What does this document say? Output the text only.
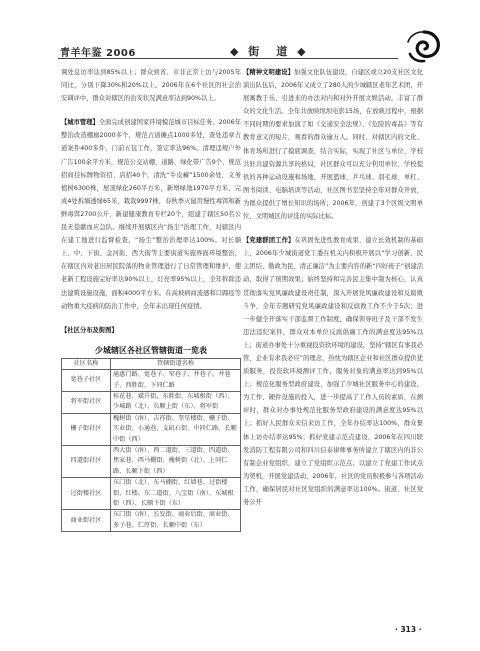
青羊年鉴 2006	◆ 街　道 ◆

调处息访率达到85%以上；群众到省、市非正常上访与2005年同比，分别下降30%和20%以上。2006年在6个社区的社会治安调评中，群众对辖区的治安状况满意率达到90%以上。

【城市管理】全面完成创建国家环境模范城市目标任务。2006年整治改造棚廊2000多个，规范占道摊点1000多处，查处违章占道案件400多件，门前五包工作，签定率达96%。清理违规户外广告100余平方米，规范公交站棚、道路、绿化带广告9个，规范招商挂标牌物资招、店招40个，清洗“牛皮癣”1500余处，义务植树6300株，屋顶绿化260平方米，新增绿地1970平方米，完成4处拆墙透绿65米，栽裁9997株，春秋季灭鼠用慢性毒饵和新鲜毒饵2700公斤，新建健康教育专栏20个，组建了辖区50名公民无偿献血应急队。继续开展辖区内“扬尘”治理工作，对辖区内在建工地进行监督检查，“扬尘”整治治理率达100%。对长顺上、中、下街、金河街、西大街等主要街道实施界面环境整治，在辖区内对老旧居民院落的物业管理进行了日常管理和维护，使老新工程设施完好率达90%以上，灯亮率95%以上，全年拆除违法建筑设施设施，面积4000平方米。在高坡病商流感和口蹄疫等动物重大疫病的防治工作中，全年未出现任何疫情。

【社区分布及街图】
少城辖区各社区管辖街道一览表
社区名称	管辖街道名称
宽巷子社区	通惠门路、宽巷子、窄巷子、井巷子、井巷子、西胜街、下同仁路
将军街社区	桂花巷、斌升街、东胜街、东城根街（西）、少城路（北）、长顺上街（东）、将军街
栅子街社区	槐树街（南）、吉祥街、奎星楼街、栅子街、实业街、小通巷、支矶石街、中同仁路、长顺中街（西）
四道街社区	西大街（南）、西二道街、三道街、四道街、焦家巷、西马棚街、槐树街（北）、上同仁路、长顺下街（西）
过街楼社区	东门街（北）、东马棚街、红墙巷、过街楼街、红楼、东二道街、八宝街（南）、东城根街（西）、长顺下街（东）
商业街社区	东门街（南）、长发街、商业后街、商业街、多子巷、仁厚街、长顺中街（东）

【精神文明建设】加强文化队伍建设，自建区或立20支社区文化演出队伍后，2006年又成立了280人的少城辖区老年艺术团，开展寓教于乐、引进来的办法对内和对外开展文娱活动，丰富了群众的文化生活。全年共放映坝坝电影15场，在放映过程中，根据不同时期的要求加演了如《交通安全法规》、《危险的毒品》等有教育意义的短片，观看的群众逾万人。同时，对辖区内的文化、体育场所进行了摸底调查，结合实际，实现了社区与单位、学校共驻共建资源共享的格局，社区群众可以充分利用单位、学校提供的各种运动设施和场地，开展篮球、乒乓球、羽毛球、单杠、图书阅读、电脑培训等活动，社区图书室坚持全年对群众开放，为群众提供了增长知识的场所；2006年，创建了3个区级文明单位、文明城区的评选的实际比标。

【党建群团工作】在巩固先进性教育成果、建立长效机制的基础上，2006年少城街道党工委在机关内积极开展以“学习创新、民主团结、勤政为民、清正廉洁”为主要内容的新“四好班子”创建活动，取得了预期效果；始终坚持和完善民主集中制为核心，认真贯彻落实党风廉政建设责任制，深入开展党风廉政建设和反腐败斗争，全年专题研究党风廉政建设和反腐败工作不少于5次；进一步健全开落实干部监督工作制度，确保领导班子及干部不发生违法违纪案件，群众对本单位反腐倡廉工作的满意度达95%以上；街道办事处十分重视投资软环境的建设，坚持“辖区有事我必管、企业有求我必应”的理念，热忱为辖区企业和社区群众提供优质服务，投资软环境测评工作，服务对象的满意率达到95%以上；规范化服务型政府建设，加强了少城社区服务中心的建设，为工作、硬件设施的投入，进一步提高了工作人员的素质，在测评时，群众对办事处规范化服务型政府建设的满意度达95%以上；抓好人民群众来信来访工作，全年办结率达100%，群众集体上访办结率达95%；抓好党建示范点建设，2006年在四川联发消防工程有限公司和四川信泰律师事务所建立了辖区内的非公有制企业党组织，建立了党组织示范点；以建立了党建工作试点为契机，开展党建活动，2006年，社区的党员积极参与各项活动工作，确保居民对社区党组织的满意率达100%。街道、社区党务公开

· 313 ·
